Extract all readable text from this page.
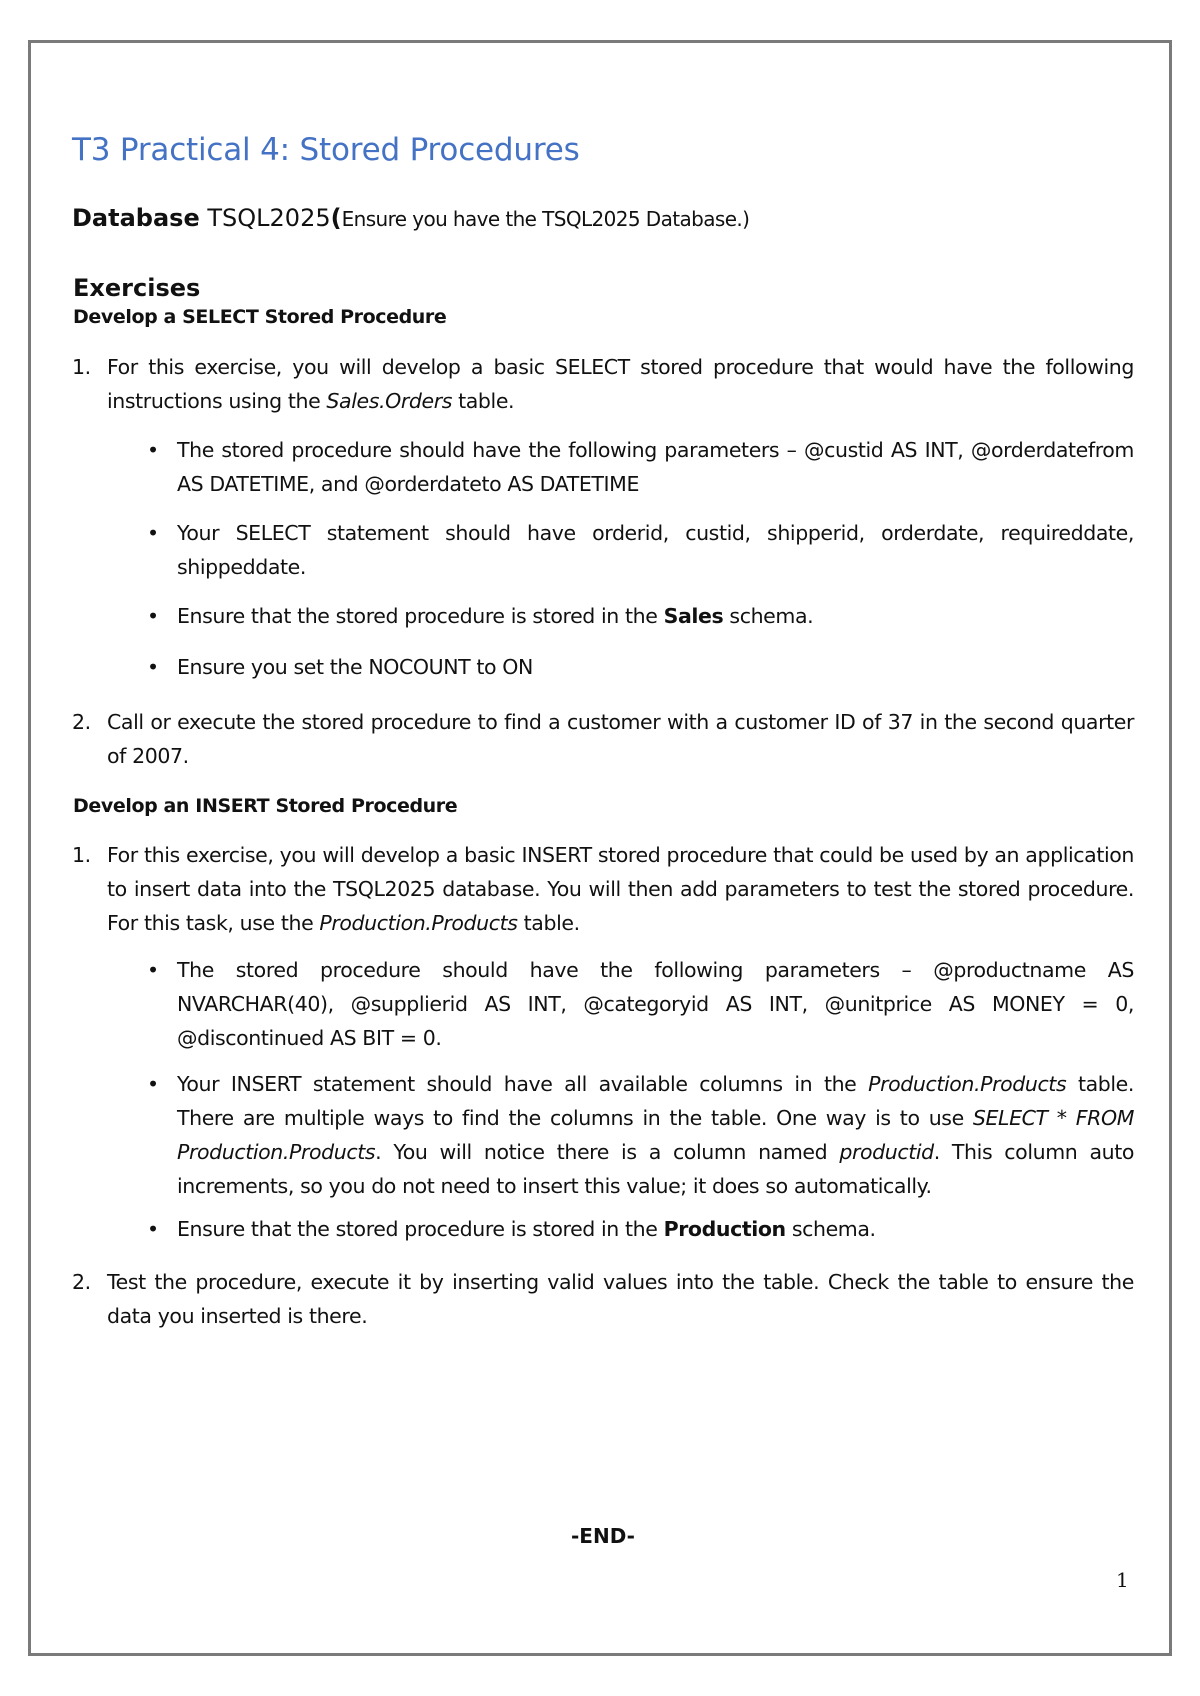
T3 Practical 4: Stored Procedures
Database TSQL2025(Ensure you have the TSQL2025 Database.)
Exercises
Develop a SELECT Stored Procedure
1. For this exercise, you will develop a basic SELECT stored procedure that would have the following instructions using the Sales.Orders table.
• The stored procedure should have the following parameters – @custid AS INT, @orderdatefrom AS DATETIME, and @orderdateto AS DATETIME
• Your SELECT statement should have orderid, custid, shipperid, orderdate, requireddate, shippeddate.
• Ensure that the stored procedure is stored in the Sales schema.
• Ensure you set the NOCOUNT to ON
2. Call or execute the stored procedure to find a customer with a customer ID of 37 in the second quarter of 2007.
Develop an INSERT Stored Procedure
1. For this exercise, you will develop a basic INSERT stored procedure that could be used by an application to insert data into the TSQL2025 database. You will then add parameters to test the stored procedure. For this task, use the Production.Products table.
• The stored procedure should have the following parameters – @productname AS NVARCHAR(40), @supplierid AS INT, @categoryid AS INT, @unitprice AS MONEY = 0, @discontinued AS BIT = 0.
• Your INSERT statement should have all available columns in the Production.Products table. There are multiple ways to find the columns in the table. One way is to use SELECT * FROM Production.Products. You will notice there is a column named productid. This column auto increments, so you do not need to insert this value; it does so automatically.
• Ensure that the stored procedure is stored in the Production schema.
2. Test the procedure, execute it by inserting valid values into the table. Check the table to ensure the data you inserted is there.
-END-
1
